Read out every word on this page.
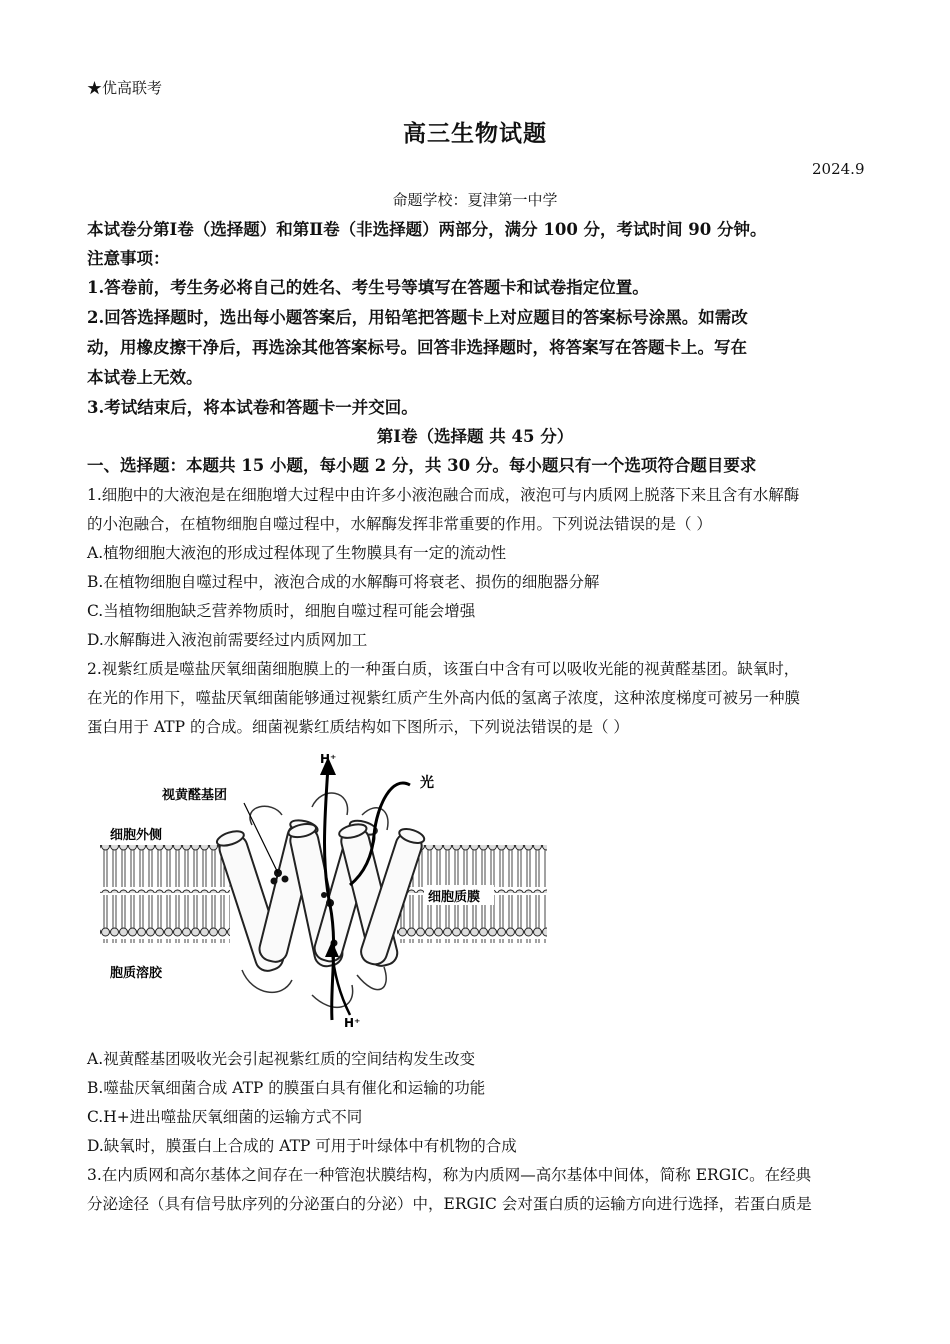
★优高联考
高三生物试题
2024.9
命题学校：夏津第一中学
本试卷分第Ⅰ卷（选择题）和第Ⅱ卷（非选择题）两部分，满分 100 分，考试时间 90 分钟。
注意事项：
1.答卷前，考生务必将自己的姓名、考生号等填写在答题卡和试卷指定位置。
2.回答选择题时，选出每小题答案后，用铅笔把答题卡上对应题目的答案标号涂黑。如需改
动，用橡皮擦干净后，再选涂其他答案标号。回答非选择题时，将答案写在答题卡上。写在
本试卷上无效。
3.考试结束后，将本试卷和答题卡一并交回。
第Ⅰ卷（选择题 共 45 分）
一、选择题：本题共 15 小题，每小题 2 分，共 30 分。每小题只有一个选项符合题目要求
1.细胞中的大液泡是在细胞增大过程中由许多小液泡融合而成，液泡可与内质网上脱落下来且含有水解酶
的小泡融合，在植物细胞自噬过程中，水解酶发挥非常重要的作用。下列说法错误的是（ ）
A.植物细胞大液泡的形成过程体现了生物膜具有一定的流动性
B.在植物细胞自噬过程中，液泡合成的水解酶可将衰老、损伤的细胞器分解
C.当植物细胞缺乏营养物质时，细胞自噬过程可能会增强
D.水解酶进入液泡前需要经过内质网加工
2.视紫红质是噬盐厌氧细菌细胞膜上的一种蛋白质，该蛋白中含有可以吸收光能的视黄醛基团。缺氧时，
在光的作用下，噬盐厌氧细菌能够通过视紫红质产生外高内低的氢离子浓度，这种浓度梯度可被另一种膜
蛋白用于 ATP 的合成。细菌视紫红质结构如下图所示，下列说法错误的是（ ）
H⁺
H⁺
光
视黄醛基团
细胞外侧
细胞质膜
胞质溶胶
A.视黄醛基团吸收光会引起视紫红质的空间结构发生改变
B.噬盐厌氧细菌合成 ATP 的膜蛋白具有催化和运输的功能
C.H+进出噬盐厌氧细菌的运输方式不同
D.缺氧时，膜蛋白上合成的 ATP 可用于叶绿体中有机物的合成
3.在内质网和高尔基体之间存在一种管泡状膜结构，称为内质网—高尔基体中间体，简称 ERGIC。在经典
分泌途径（具有信号肽序列的分泌蛋白的分泌）中，ERGIC 会对蛋白质的运输方向进行选择，若蛋白质是
